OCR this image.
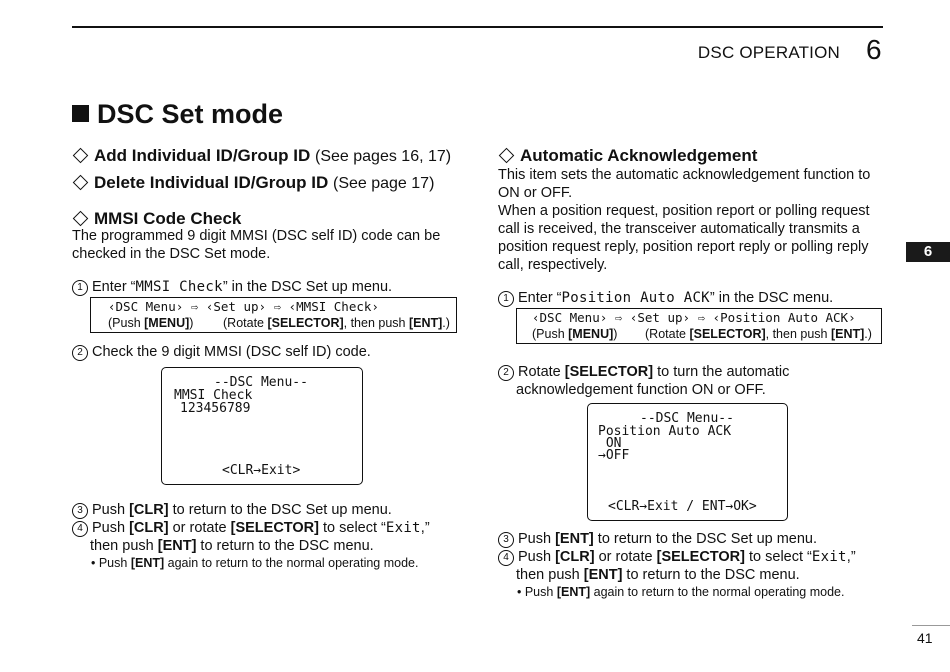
DSC OPERATION 6
6
DSC Set mode
Add Individual ID/Group ID (See pages 16, 17)
Delete Individual ID/Group ID (See page 17)
MMSI Code Check
The programmed 9 digit MMSI (DSC self ID) code can be
checked in the DSC Set mode.
1 Enter “MMSI Check” in the DSC Set up menu.
‹DSC Menu› ⇨ ‹Set up› ⇨ ‹MMSI Check›
(Push [MENU]) (Rotate [SELECTOR], then push [ENT].)
2 Check the 9 digit MMSI (DSC self ID) code.
--DSC Menu--
MMSI Check
123456789
<CLR→Exit>
3 Push [CLR] to return to the DSC Set up menu.
4 Push [CLR] or rotate [SELECTOR] to select “Exit,”
then push [ENT] to return to the DSC menu.
• Push [ENT] again to return to the normal operating mode.
Automatic Acknowledgement
This item sets the automatic acknowledgement function to
ON or OFF.
When a position request, position report or polling request
call is received, the transceiver automatically transmits a
position request reply, position report reply or polling reply
call, respectively.
1 Enter “Position Auto ACK” in the DSC menu.
‹DSC Menu› ⇨ ‹Set up› ⇨ ‹Position Auto ACK›
(Push [MENU]) (Rotate [SELECTOR], then push [ENT].)
2 Rotate [SELECTOR] to turn the automatic
acknowledgement function ON or OFF.
--DSC Menu--
Position Auto ACK
ON
→OFF
<CLR→Exit / ENT→OK>
3 Push [ENT] to return to the DSC Set up menu.
4 Push [CLR] or rotate [SELECTOR] to select “Exit,”
then push [ENT] to return to the DSC menu.
• Push [ENT] again to return to the normal operating mode.
41
